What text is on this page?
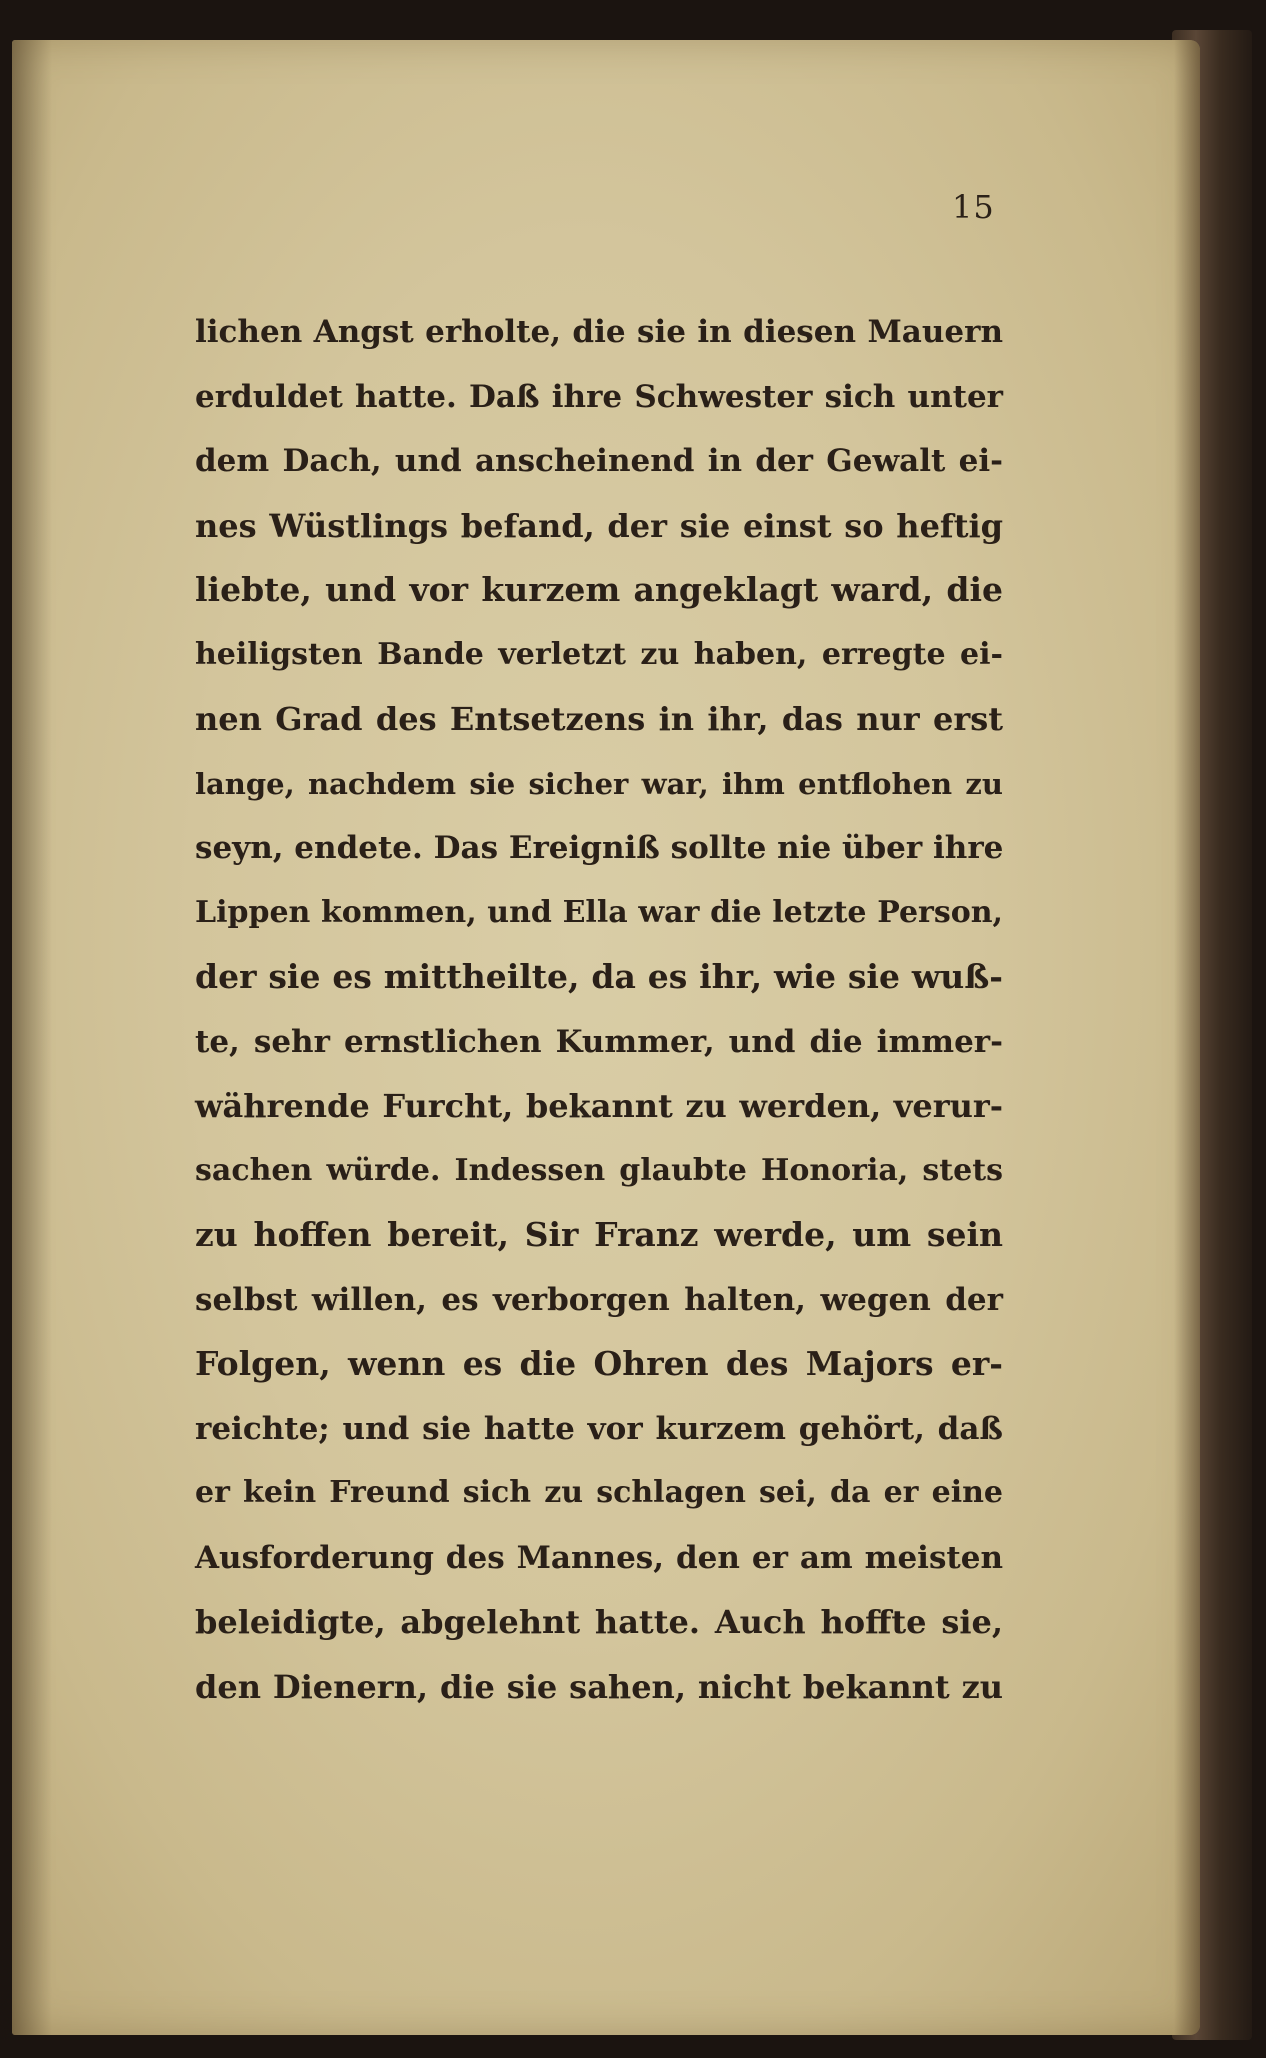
15
lichen Angst erholte, die sie in diesen Mauern
erduldet hatte. Daß ihre Schwester sich unter
dem Dach, und anscheinend in der Gewalt ei-
nes Wüstlings befand, der sie einst so heftig
liebte, und vor kurzem angeklagt ward, die
heiligsten Bande verletzt zu haben, erregte ei-
nen Grad des Entsetzens in ihr, das nur erst
lange, nachdem sie sicher war, ihm entflohen zu
seyn, endete. Das Ereigniß sollte nie über ihre
Lippen kommen, und Ella war die letzte Person,
der sie es mittheilte, da es ihr, wie sie wuß-
te, sehr ernstlichen Kummer, und die immer-
währende Furcht, bekannt zu werden, verur-
sachen würde. Indessen glaubte Honoria, stets
zu hoffen bereit, Sir Franz werde, um sein
selbst willen, es verborgen halten, wegen der
Folgen, wenn es die Ohren des Majors er-
reichte; und sie hatte vor kurzem gehört, daß
er kein Freund sich zu schlagen sei, da er eine
Ausforderung des Mannes, den er am meisten
beleidigte, abgelehnt hatte. Auch hoffte sie,
den Dienern, die sie sahen, nicht bekannt zu
